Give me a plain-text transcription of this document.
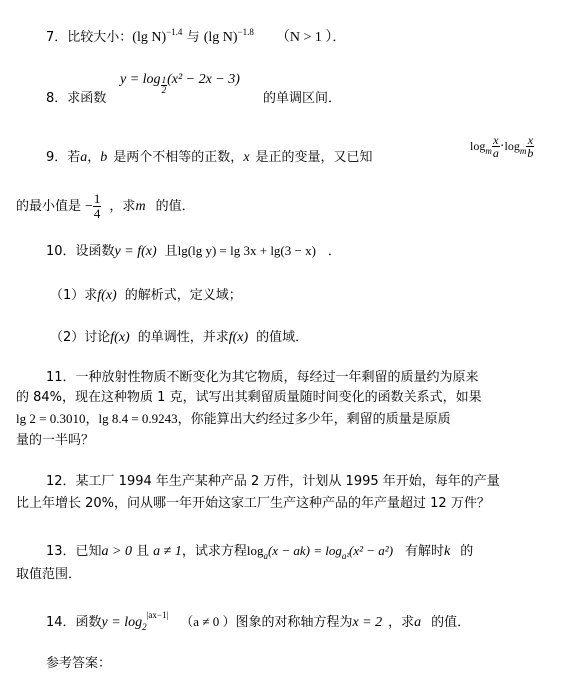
7．比较大小：(lg N)$^{-1.4}$ 与 (lg N)$^{-1.8}$ （N > 1 ）．
$y = \log \frac{1}{2} (x^2 - 2x - 3)$
8．求函数	的单调区间．
9．若a，b 是两个不相等的正数，x 是正的变量，又已知
$\log_m \frac{x}{a} \cdot\log_m \frac{x}{b}$
的最小值是 − $\frac{1}{4}$ ，求m 的值．
10．设函数y = f(x) 且lg(lg y) = lg 3x + lg(3 − x) ．
（1）求f(x) 的解析式，定义域；
（2）讨论f(x) 的单调性，并求f(x) 的值域．
11．一种放射性物质不断变化为其它物质，每经过一年剩留的质量约为原来
的 84%，现在这种物质 1 克，试写出其剩留质量随时间变化的函数关系式，如果
lg 2 = 0.3010，lg 8.4 = 0.9243，你能算出大约经过多少年，剩留的质量是原质
量的一半吗？
12．某工厂 1994 年生产某种产品 2 万件，计划从 1995 年开始，每年的产量
比上年增长 20%，问从哪一年开始这家工厂生产这种产品的年产量超过 12 万件？
13．已知a > 0 且 a ≠ 1，试求方程$\log_a(x - ak) = \log_{a^2}(x^2 - a^2)$ 有解时k 的
取值范围．
14．函数$y = \log_2^{|ax-1|} (a \ne 0$ ）图象的对称轴方程为x = 2 ，求a 的值．
参考答案：
